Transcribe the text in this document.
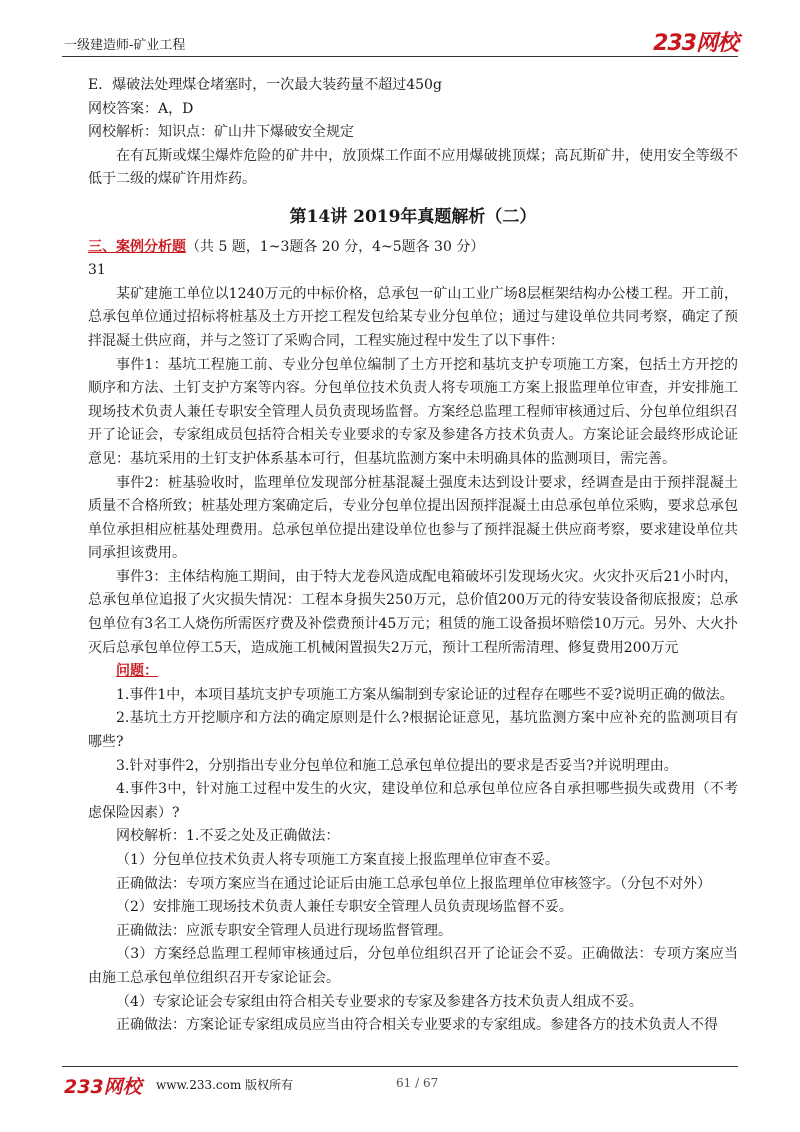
一级建造师-矿业工程	233网校

E．爆破法处理煤仓堵塞时，一次最大装药量不超过450g

网校答案：A，D

网校解析：知识点：矿山井下爆破安全规定

在有瓦斯或煤尘爆炸危险的矿井中，放顶煤工作面不应用爆破挑顶煤；高瓦斯矿井，使用安全等级不低于二级的煤矿许用炸药。

第14讲 2019年真题解析（二）

三、案例分析题（共 5 题，1~3题各 20 分，4~5题各 30 分）

31

某矿建施工单位以1240万元的中标价格，总承包一矿山工业广场8层框架结构办公楼工程。开工前，总承包单位通过招标将桩基及土方开挖工程发包给某专业分包单位；通过与建设单位共同考察，确定了预拌混凝土供应商，并与之签订了采购合同，工程实施过程中发生了以下事件：

事件1：基坑工程施工前、专业分包单位编制了土方开挖和基坑支护专项施工方案，包括土方开挖的顺序和方法、土钉支护方案等内容。分包单位技术负责人将专项施工方案上报监理单位审查，并安排施工现场技术负责人兼任专职安全管理人员负责现场监督。方案经总监理工程师审核通过后、分包单位组织召开了论证会，专家组成员包括符合相关专业要求的专家及参建各方技术负责人。方案论证会最终形成论证意见：基坑采用的土钉支护体系基本可行，但基坑监测方案中未明确具体的监测项目，需完善。

事件2：桩基验收时，监理单位发现部分桩基混凝土强度未达到设计要求，经调查是由于预拌混凝土质量不合格所致；桩基处理方案确定后，专业分包单位提出因预拌混凝土由总承包单位采购，要求总承包单位承担相应桩基处理费用。总承包单位提出建设单位也参与了预拌混凝土供应商考察，要求建设单位共同承担该费用。

事件3：主体结构施工期间，由于特大龙卷风造成配电箱破坏引发现场火灾。火灾扑灭后21小时内，总承包单位追报了火灾损失情况：工程本身损失250万元，总价值200万元的待安装设备彻底报废；总承包单位有3名工人烧伤所需医疗费及补偿费预计45万元；租赁的施工设备损坏赔偿10万元。另外、大火扑灭后总承包单位停工5天，造成施工机械闲置损失2万元，预计工程所需清理、修复费用200万元

问题：

1.事件1中，本项目基坑支护专项施工方案从编制到专家论证的过程存在哪些不妥?说明正确的做法。

2.基坑土方开挖顺序和方法的确定原则是什么?根据论证意见，基坑监测方案中应补充的监测项目有哪些?

3.针对事件2，分别指出专业分包单位和施工总承包单位提出的要求是否妥当?并说明理由。

4.事件3中，针对施工过程中发生的火灾，建设单位和总承包单位应各自承担哪些损失或费用（不考虑保险因素）?

网校解析：1.不妥之处及正确做法：

（1）分包单位技术负责人将专项施工方案直接上报监理单位审查不妥。

正确做法：专项方案应当在通过论证后由施工总承包单位上报监理单位审核签字。（分包不对外）

（2）安排施工现场技术负责人兼任专职安全管理人员负责现场监督不妥。

正确做法：应派专职安全管理人员进行现场监督管理。

（3）方案经总监理工程师审核通过后，分包单位组织召开了论证会不妥。正确做法：专项方案应当由施工总承包单位组织召开专家论证会。

（4）专家论证会专家组由符合相关专业要求的专家及参建各方技术负责人组成不妥。

正确做法：方案论证专家组成员应当由符合相关专业要求的专家组成。参建各方的技术负责人不得

233网校 www.233.com 版权所有	61 / 67
